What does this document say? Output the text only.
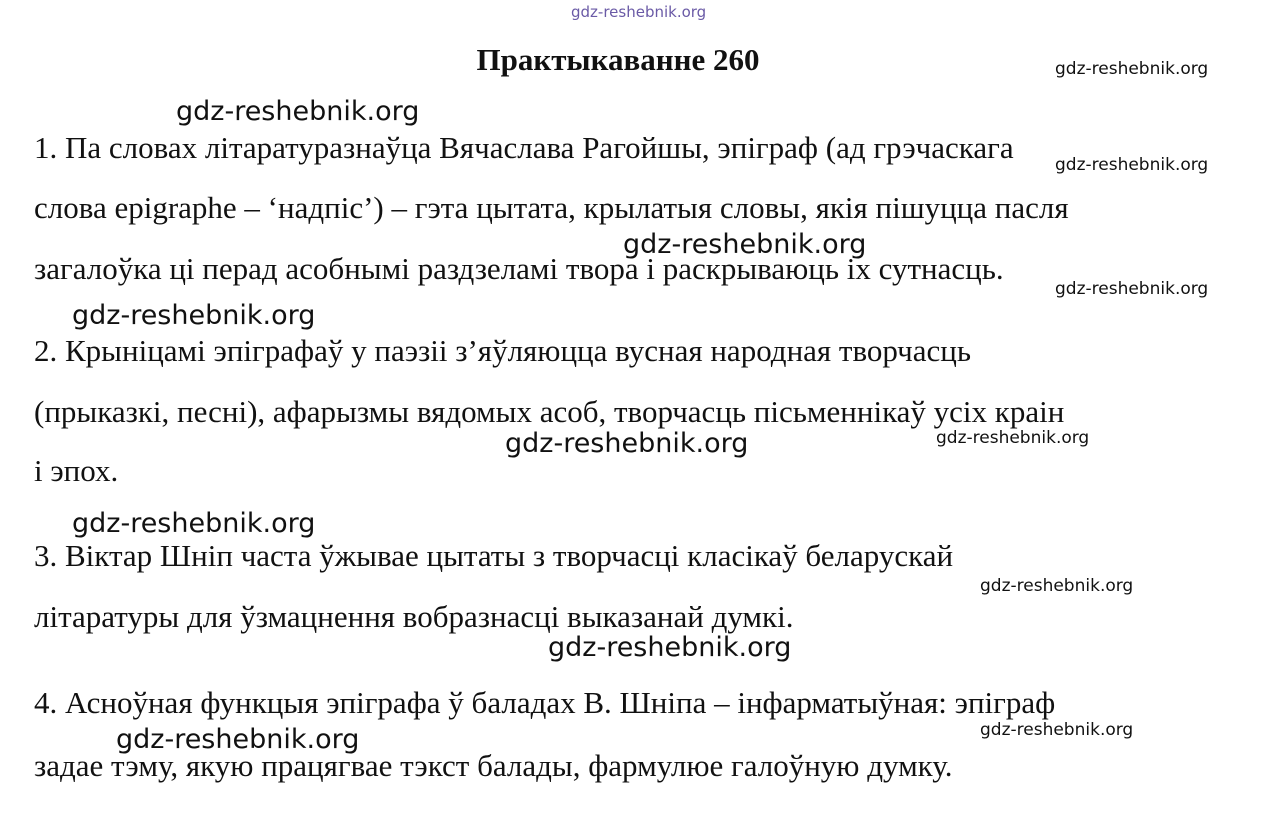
gdz-reshebnik.org
Практыкаванне 260
1. Па словах літаратуразнаўца Вячаслава Рагойшы, эпіграф (ад грэчаскага
слова epigraphe – ‘надпіс’) – гэта цытата, крылатыя словы, якія пішуцца пасля
загалоўка ці перад асобнымі раздзеламі твора і раскрываюць іх сутнасць.
2. Крыніцамі эпіграфаў у паэзіі з’яўляюцца вусная народная творчасць
(прыказкі, песні), афарызмы вядомых асоб, творчасць пісьменнікаў усіх краін
і эпох.
3. Віктар Шніп часта ўжывае цытаты з творчасці класікаў беларускай
літаратуры для ўзмацнення вобразнасці выказанай думкі.
4. Асноўная функцыя эпіграфа ў баладах В. Шніпа – інфарматыўная: эпіграф
задае тэму, якую працягвае тэкст балады, фармулюе галоўную думку.
gdz-reshebnik.org
gdz-reshebnik.org
gdz-reshebnik.org
gdz-reshebnik.org
gdz-reshebnik.org
gdz-reshebnik.org
gdz-reshebnik.org
gdz-reshebnik.org
gdz-reshebnik.org
gdz-reshebnik.org
gdz-reshebnik.org
gdz-reshebnik.org
gdz-reshebnik.org
